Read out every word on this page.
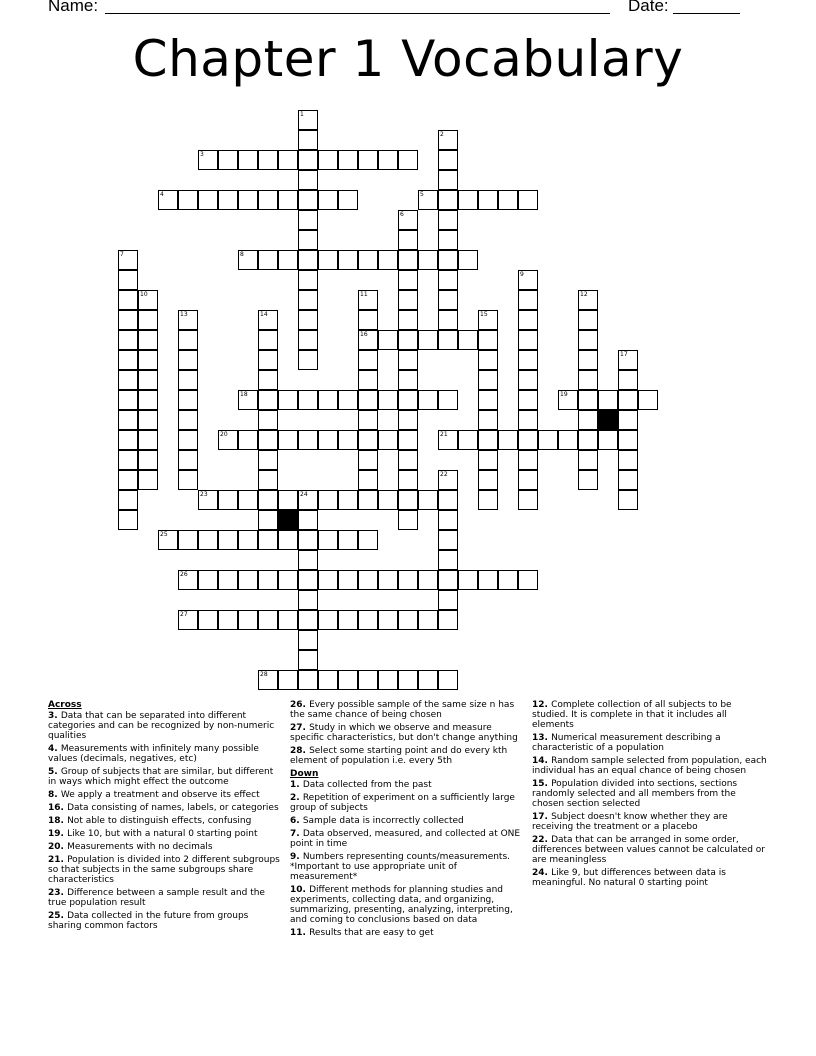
Name:	Date:
Chapter 1 Vocabulary
3
4	5
8
16
18	19
20	21
23	24
25
26
27
28
1
2
6
7
9
10	11	12
13	14	15
17
22
Across
3. Data that can be separated into different categories and can be recognized by non-numeric qualities
4. Measurements with infinitely many possible values (decimals, negatives, etc)
5. Group of subjects that are similar, but different in ways which might effect the outcome
8. We apply a treatment and observe its effect
16. Data consisting of names, labels, or categories
18. Not able to distinguish effects, confusing
19. Like 10, but with a natural 0 starting point
20. Measurements with no decimals
21. Population is divided into 2 different subgroups so that subjects in the same subgroups share characteristics
23. Difference between a sample result and the true population result
25. Data collected in the future from groups sharing common factors
26. Every possible sample of the same size n has the same chance of being chosen
27. Study in which we observe and measure specific characteristics, but don't change anything
28. Select some starting point and do every kth element of population i.e. every 5th
Down
1. Data collected from the past
2. Repetition of experiment on a sufficiently large group of subjects
6. Sample data is incorrectly collected
7. Data observed, measured, and collected at ONE point in time
9. Numbers representing counts/measurements. *Important to use appropriate unit of measurement*
10. Different methods for planning studies and experiments, collecting data, and organizing, summarizing, presenting, analyzing, interpreting, and coming to conclusions based on data
11. Results that are easy to get
12. Complete collection of all subjects to be studied. It is complete in that it includes all elements
13. Numerical measurement describing a characteristic of a population
14. Random sample selected from population, each individual has an equal chance of being chosen
15. Population divided into sections, sections randomly selected and all members from the chosen section selected
17. Subject doesn't know whether they are receiving the treatment or a placebo
22. Data that can be arranged in some order, differences between values cannot be calculated or are meaningless
24. Like 9, but differences between data is meaningful. No natural 0 starting point
